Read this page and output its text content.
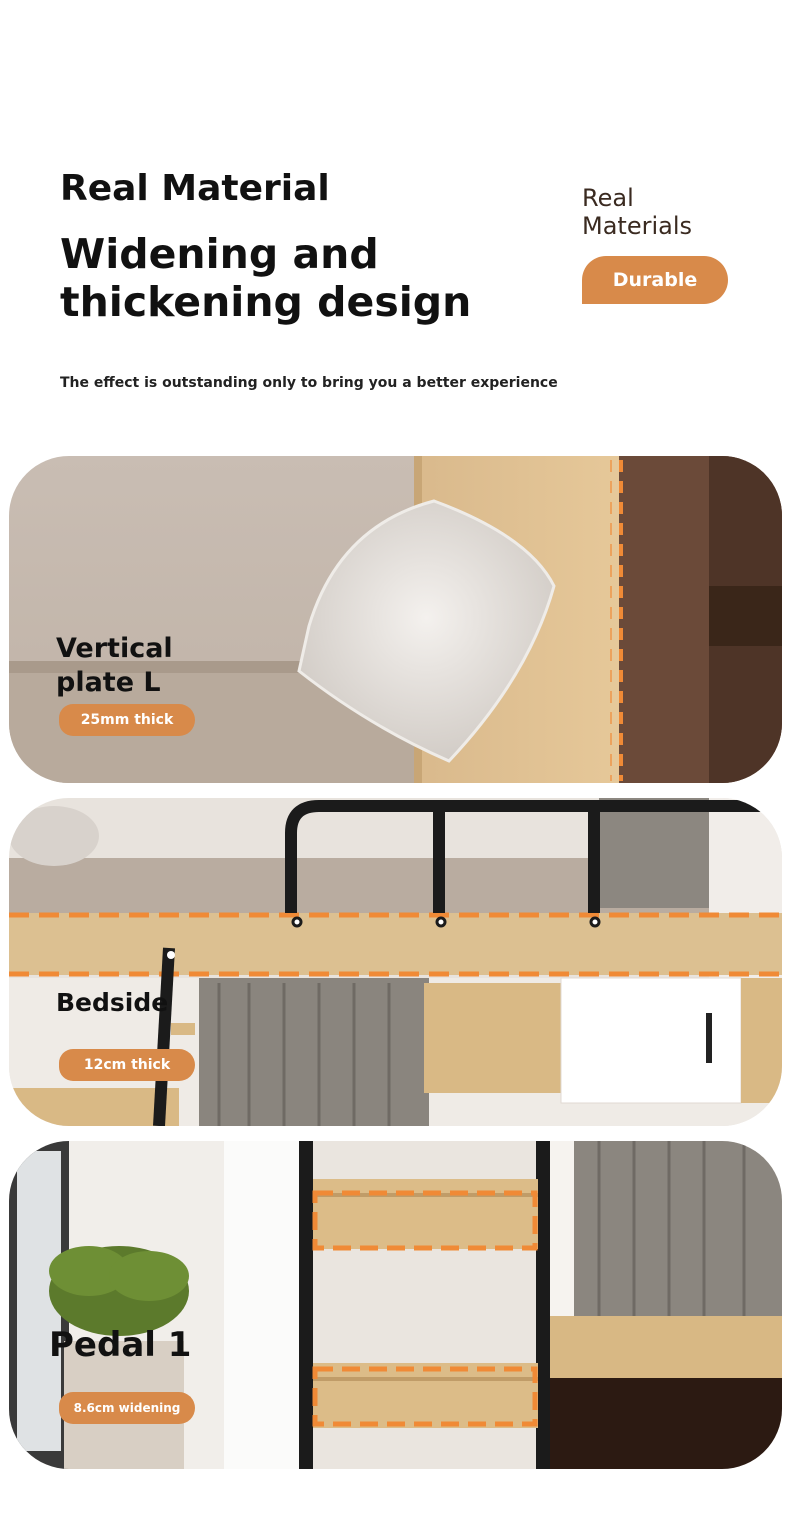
Real Material
Widening and thickening design
The effect is outstanding only to bring you a better experience
Real Materials
Durable
Vertical plate L
25mm thick
Bedside
12cm thick
Pedal 1
8.6cm widening
